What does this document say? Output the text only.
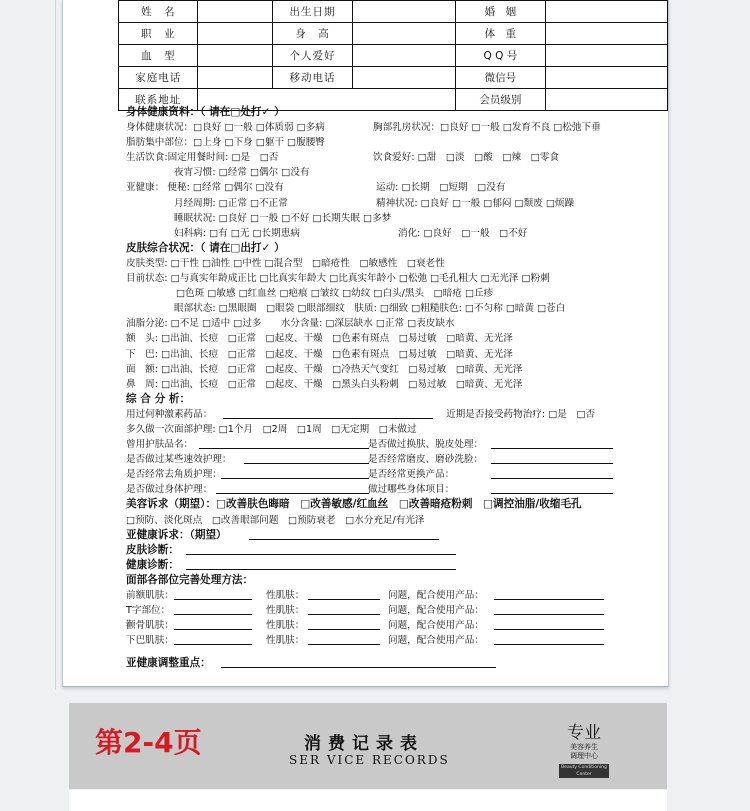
姓　名		出生日期		婚　姻	
职　业		身　高		体　重	
血　型		个人爱好		Q Q 号	
家庭电话		移动电话		微信号	
联系地址				会员级别	
身体健康资料：（ 请在□处打✓ ）
身体健康状况：□良好 □一般 □体质弱 □多病	胸部乳房状况：□良好 □一般 □发育不良 □松弛下垂
脂肪集中部位：□上身 □下身 □躯干 □腹腰臀
生活饮食:固定用餐时间: □是　□否	饮食爱好: □甜　□淡　□酸　□辣　□零食
夜宵习惯: □经常 □偶尔 □没有
亚健康： 便秘: □经常 □偶尔 □没有	运动: □长期　□短期　□没有
月经周期: □正常 □不正常	精神状况: □良好 □一般 □郁闷 □颓废 □烦躁
睡眠状况: □良好 □一般 □不好 □长期失眠 □多梦
妇科病: □有 □无 □长期患病	消化: □良好　□一般　□不好
皮肤综合状况：（ 请在□出打✓ ）
皮肤类型: □干性 □油性 □中性 □混合型　□暗疮性　□敏感性　□衰老性
目前状态: □与真实年龄成正比 □比真实年龄大 □比真实年龄小 □松弛 □毛孔粗大 □无光泽 □粉刺
□色斑 □敏感 □红血丝 □疤痕 □皱纹 □幼纹 □白头/黑头　□暗疮 □丘疹
眼部状态: □黑眼圈　□眼袋 □眼部细纹　肤质: □细致 □粗糙肤色: □不匀称 □暗黄 □苍白
油脂分泌: □不足 □适中 □过多　　水分含量: □深层缺水 □正常 □表皮缺水
额　头: □出油、长痘　□正常　□起皮、干燥　□色素有斑点　□易过敏　□暗黄、无光泽
下　巴: □出油、长痘　□正常　□起皮、干燥　□色素有斑点　□易过敏　□暗黄、无光泽
面　额: □出油、长痘　□正常　□起皮、干燥　□冷热天气变红　□易过敏　□暗黄、无光泽
鼻　周: □出油、长痘　□正常　□起皮、干燥　□黑头白头粉刺　□易过敏　□暗黄、无光泽
综 合 分 析：
用过何种激素药品：	近期是否接受药物治疗: □是　□否
多久做一次面部护理: □1个月　□2周　□1周　□无定期　□未做过
曾用护肤品名：	是否做过换肤、脱皮处理：
是否做过某些速效护理：	是否经常磨皮、磨砂洗脸：
是否经常去角质护理：	是否经常更换产品：
是否做过身体护理：	做过哪些身体项目：
美容诉求（期望）：□改善肤色晦暗　□改善敏感/红血丝　□改善暗疮粉刺　□调控油脂/收缩毛孔
□预防、淡化斑点　□改善眼部问题　□预防衰老　□水分充足/有光泽
亚健康诉求：（期望）
皮肤诊断：
健康诊断：
面部各部位完善处理方法：
前额肌肤：	性肌肤：	问题，配合使用产品：
T字部位：	性肌肤：	问题，配合使用产品：
颧骨肌肤：	性肌肤：	问题，配合使用产品：
下巴肌肤：	性肌肤：	问题，配合使用产品：
亚健康调整重点：
第2-4页	消费记录表
SER VICE RECORDS
专业
美容养生
调理中心
Beauty Conditioning Center
